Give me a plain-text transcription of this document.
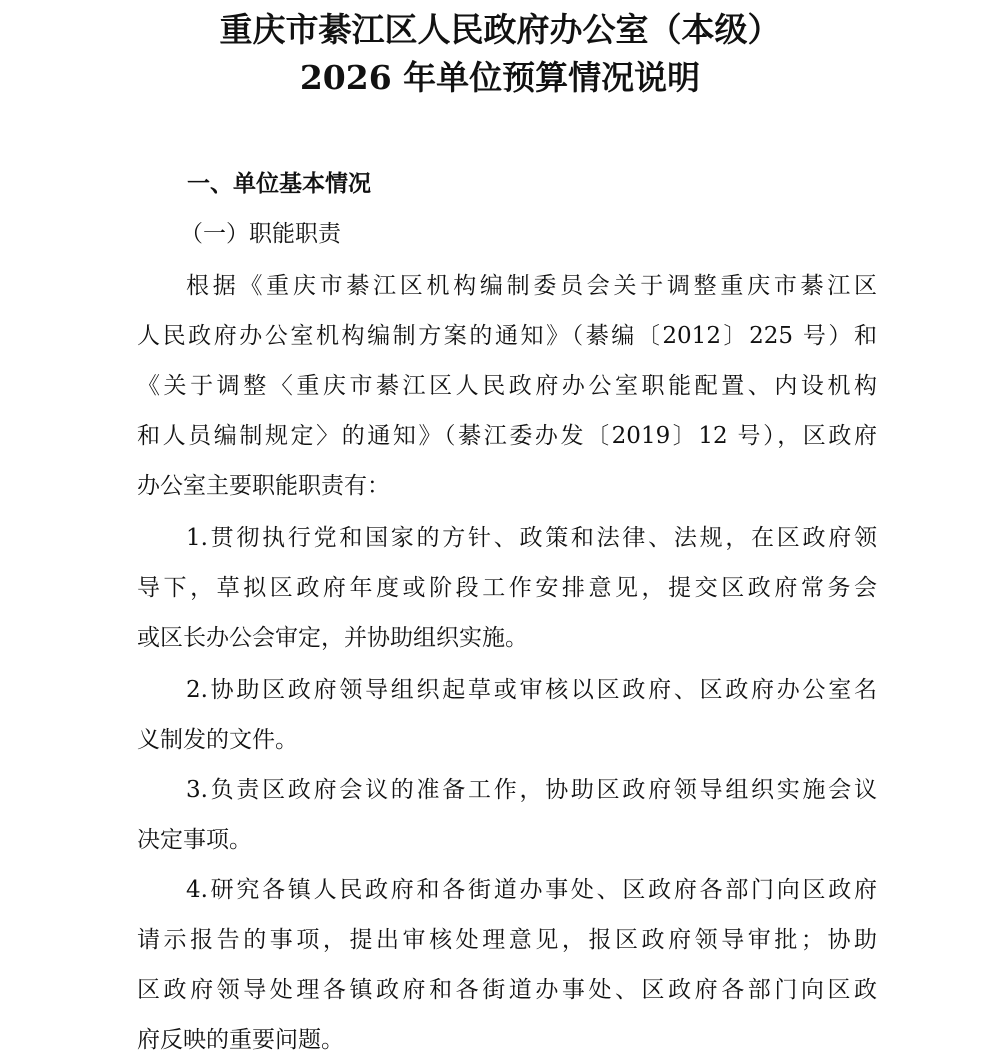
重庆市綦江区人民政府办公室（本级）
2026 年单位预算情况说明
一、单位基本情况
（一）职能职责
根据《重庆市綦江区机构编制委员会关于调整重庆市綦江区
人民政府办公室机构编制方案的通知》（綦编〔2012〕225 号）和
《关于调整〈重庆市綦江区人民政府办公室职能配置、内设机构
和人员编制规定〉的通知》（綦江委办发〔2019〕12 号），区政府
办公室主要职能职责有：
1.贯彻执行党和国家的方针、政策和法律、法规，在区政府领
导下，草拟区政府年度或阶段工作安排意见，提交区政府常务会
或区长办公会审定，并协助组织实施。
2.协助区政府领导组织起草或审核以区政府、区政府办公室名
义制发的文件。
3.负责区政府会议的准备工作，协助区政府领导组织实施会议
决定事项。
4.研究各镇人民政府和各街道办事处、区政府各部门向区政府
请示报告的事项，提出审核处理意见，报区政府领导审批；协助
区政府领导处理各镇政府和各街道办事处、区政府各部门向区政
府反映的重要问题。
